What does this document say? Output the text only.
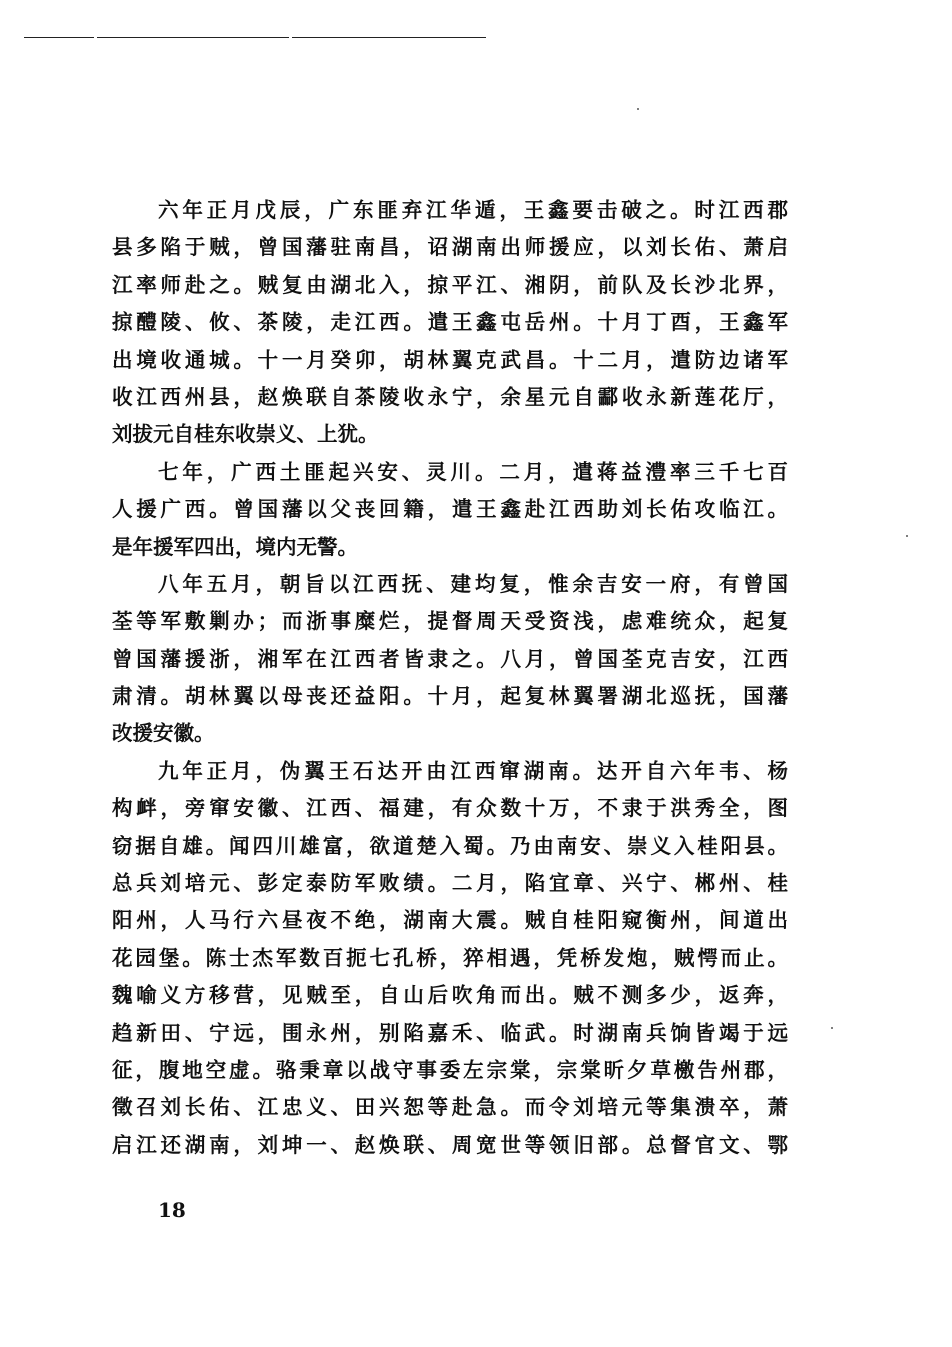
六年正月戊辰，广东匪弃江华遁，王鑫要击破之。时江西郡
县多陷于贼，曾国藩驻南昌，诏湖南出师援应，以刘长佑、萧启
江率师赴之。贼复由湖北入，掠平江、湘阴，前队及长沙北界，
掠醴陵、攸、茶陵，走江西。遣王鑫屯岳州。十月丁酉，王鑫军
出境收通城。十一月癸卯，胡林翼克武昌。十二月，遣防边诸军
收江西州县，赵焕联自茶陵收永宁，余星元自酃收永新莲花厅，
刘拔元自桂东收崇义、上犹。
七年，广西土匪起兴安、灵川。二月，遣蒋益澧率三千七百
人援广西。曾国藩以父丧回籍，遣王鑫赴江西助刘长佑攻临江。
是年援军四出，境内无警。
八年五月，朝旨以江西抚、建均复，惟余吉安一府，有曾国
荃等军敷剿办；而浙事糜烂，提督周天受资浅，虑难统众，起复
曾国藩援浙，湘军在江西者皆隶之。八月，曾国荃克吉安，江西
肃清。胡林翼以母丧还益阳。十月，起复林翼署湖北巡抚，国藩
改援安徽。
九年正月，伪翼王石达开由江西窜湖南。达开自六年韦、杨
构衅，旁窜安徽、江西、福建，有众数十万，不隶于洪秀全，图
窃据自雄。闻四川雄富，欲道楚入蜀。乃由南安、崇义入桂阳县。
总兵刘培元、彭定泰防军败绩。二月，陷宜章、兴宁、郴州、桂
阳州，人马行六昼夜不绝，湖南大震。贼自桂阳窥衡州，间道出
花园堡。陈士杰军数百扼七孔桥，猝相遇，凭桥发炮，贼愕而止。
魏喻义方移营，见贼至，自山后吹角而出。贼不测多少，返奔，
趋新田、宁远，围永州，别陷嘉禾、临武。时湖南兵饷皆竭于远
征，腹地空虚。骆秉章以战守事委左宗棠，宗棠昕夕草檄告州郡，
徵召刘长佑、江忠义、田兴恕等赴急。而令刘培元等集溃卒，萧
启江还湖南，刘坤一、赵焕联、周宽世等领旧部。总督官文、鄂
18
